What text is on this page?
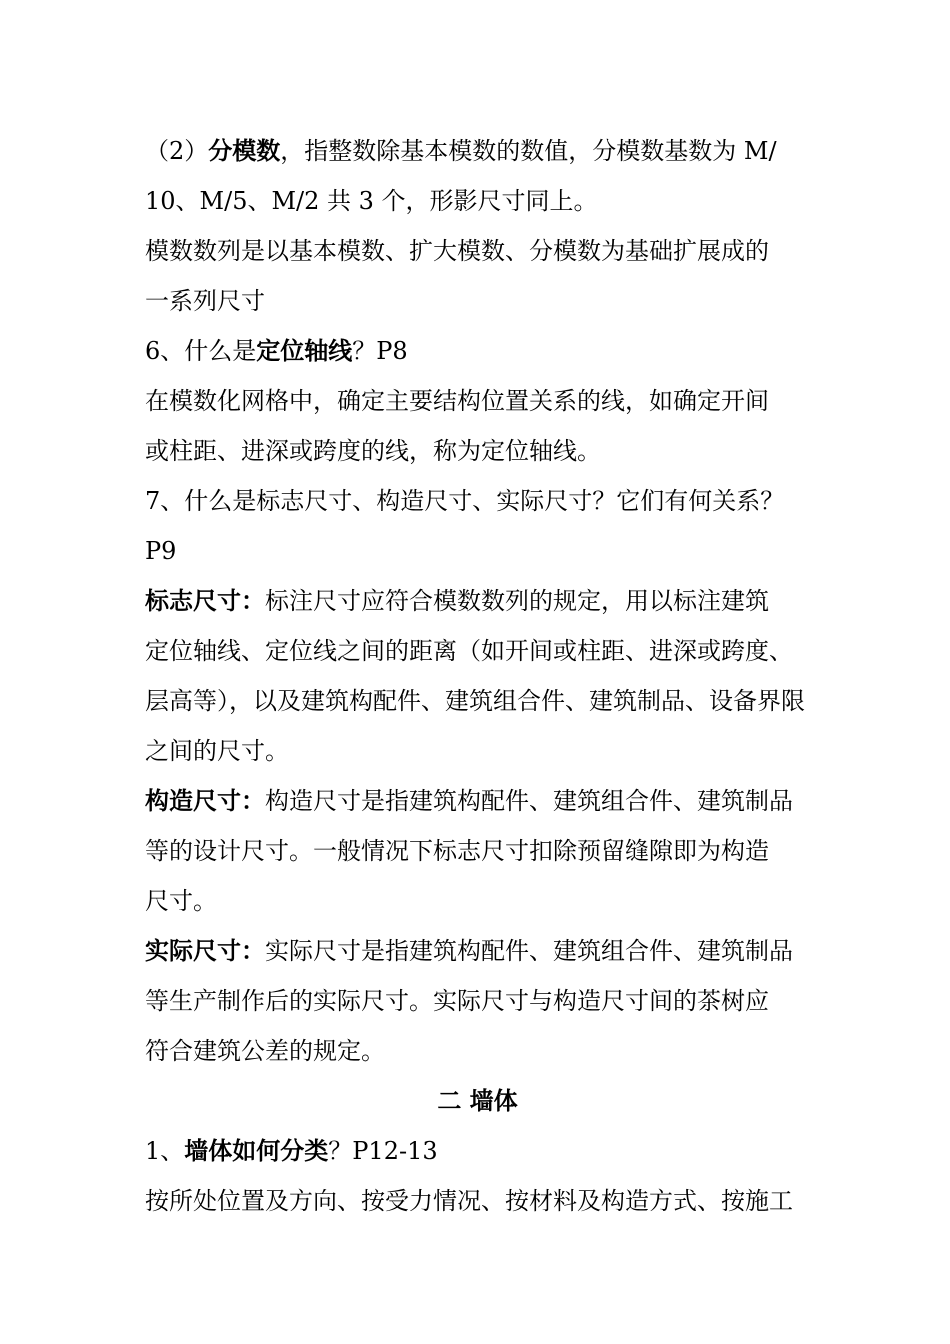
（2）分模数，指整数除基本模数的数值，分模数基数为 M/
10、M/5、M/2 共 3 个，形影尺寸同上。
模数数列是以基本模数、扩大模数、分模数为基础扩展成的
一系列尺寸
6、什么是定位轴线？P8
在模数化网格中，确定主要结构位置关系的线，如确定开间
或柱距、进深或跨度的线，称为定位轴线。
7、什么是标志尺寸、构造尺寸、实际尺寸？它们有何关系？
P9
标志尺寸：标注尺寸应符合模数数列的规定，用以标注建筑
定位轴线、定位线之间的距离（如开间或柱距、进深或跨度、
层高等），以及建筑构配件、建筑组合件、建筑制品、设备界限
之间的尺寸。
构造尺寸：构造尺寸是指建筑构配件、建筑组合件、建筑制品
等的设计尺寸。一般情况下标志尺寸扣除预留缝隙即为构造
尺寸。
实际尺寸：实际尺寸是指建筑构配件、建筑组合件、建筑制品
等生产制作后的实际尺寸。实际尺寸与构造尺寸间的茶树应
符合建筑公差的规定。
二 墙体
1、墙体如何分类？P12-13
按所处位置及方向、按受力情况、按材料及构造方式、按施工
